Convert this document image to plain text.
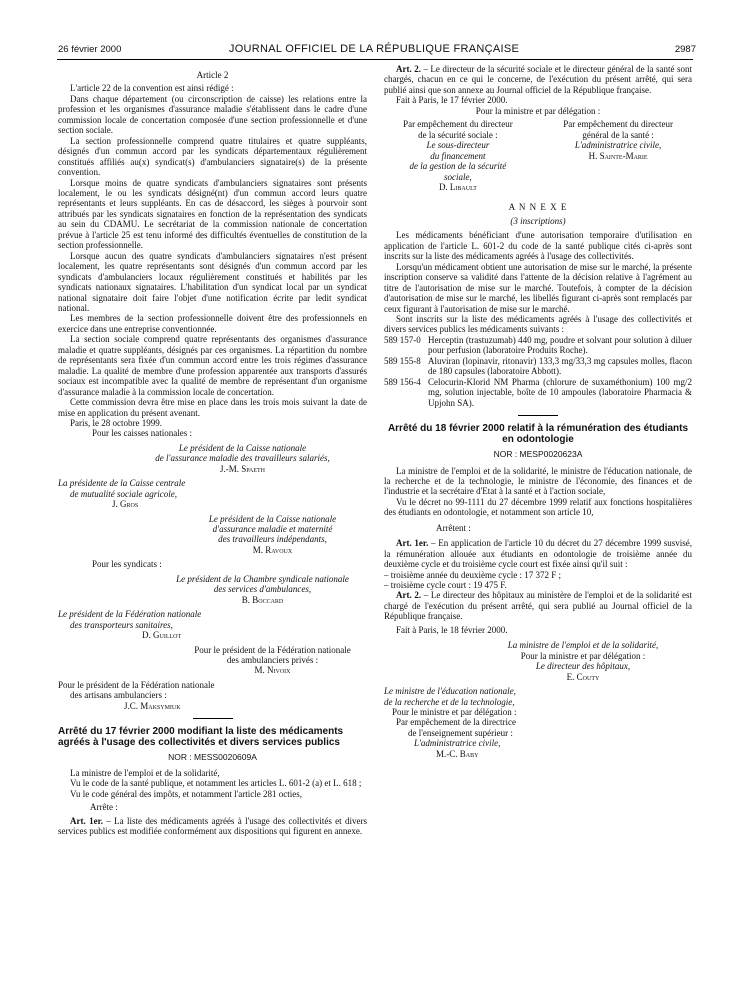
26 février 2000	JOURNAL OFFICIEL DE LA RÉPUBLIQUE FRANÇAISE	2987

Article 2

L'article 22 de la convention est ainsi rédigé :

Dans chaque département (ou circonscription de caisse) les relations entre la profession et les organismes d'assurance maladie s'établissent dans le cadre d'une commission locale de concertation composée d'une section professionnelle et d'une section sociale.

La section professionnelle comprend quatre titulaires et quatre suppléants, désignés d'un commun accord par les syndicats départementaux régulièrement constitués affiliés au(x) syndicat(s) d'ambulanciers signataire(s) de la présente convention.

Lorsque moins de quatre syndicats d'ambulanciers signataires sont présents localement, le ou les syndicats désigné(nt) d'un commun accord leurs quatre représentants et leurs suppléants. En cas de désaccord, les sièges à pourvoir sont attribués par les syndicats signataires en fonction de la représentation des syndicats au sein du CDAMU. Le secrétariat de la commission nationale de concertation prévue à l'article 25 est tenu informé des difficultés éventuelles de constitution de la section professionnelle.

Lorsque aucun des quatre syndicats d'ambulanciers signataires n'est présent localement, les quatre représentants sont désignés d'un commun accord par les syndicats d'ambulanciers locaux régulièrement constitués et habilités par les syndicats nationaux signataires. L'habilitation d'un syndicat local par un syndicat national signataire doit faire l'objet d'une notification écrite par ledit syndicat national.

Les membres de la section professionnelle doivent être des professionnels en exercice dans une entreprise conventionnée.

La section sociale comprend quatre représentants des organismes d'assurance maladie et quatre suppléants, désignés par ces organismes. La répartition du nombre de représentants sera fixée d'un commun accord entre les trois régimes d'assurance maladie. La qualité de membre d'une profession apparentée aux transports d'assurés sociaux est incompatible avec la qualité de membre de représentant d'un organisme d'assurance maladie à la commission locale de concertation.

Cette commission devra être mise en place dans les trois mois suivant la date de mise en application du présent avenant.

Paris, le 28 octobre 1999.

Pour les caisses nationales :

Le président de la Caisse nationale
de l'assurance maladie des travailleurs salariés,
J.-M. Spaeth
La présidente de la Caisse centrale
de mutualité sociale agricole,
J. Gros
Le président de la Caisse nationale
d'assurance maladie et maternité
des travailleurs indépendants,
M. Ravoux

Pour les syndicats :

Le président de la Chambre syndicale nationale
des services d'ambulances,
B. Boccard
Le président de la Fédération nationale
des transporteurs sanitaires,
D. Guillot
Pour le président de la Fédération nationale
des ambulanciers privés :
M. Nivoix
Pour le président de la Fédération nationale
des artisans ambulanciers :
J.C. Maksymiuk

Arrêté du 17 février 2000 modifiant la liste des médicaments agréés à l'usage des collectivités et divers services publics

NOR : MESS0020609A

La ministre de l'emploi et de la solidarité,

Vu le code de la santé publique, et notamment les articles L. 601-2 (a) et L. 618 ;

Vu le code général des impôts, et notamment l'article 281 octies,

Arrête :

Art. 1er. – La liste des médicaments agréés à l'usage des collectivités et divers services publics est modifiée conformément aux dispositions qui figurent en annexe.

Art. 2. – Le directeur de la sécurité sociale et le directeur général de la santé sont chargés, chacun en ce qui le concerne, de l'exécution du présent arrêté, qui sera publié ainsi que son annexe au Journal officiel de la République française.

Fait à Paris, le 17 février 2000.

Pour la ministre et par délégation :

Par empêchement du directeur
de la sécurité sociale :
Le sous-directeur
du financement
de la gestion de la sécurité
sociale,
D. Libault
Par empêchement du directeur
général de la santé :
L'administratrice civile,
H. Sainte-Marie

A N N E X E

(3 inscriptions)

Les médicaments bénéficiant d'une autorisation temporaire d'utilisation en application de l'article L. 601-2 du code de la santé publique cités ci-après sont inscrits sur la liste des médicaments agréés à l'usage des collectivités.

Lorsqu'un médicament obtient une autorisation de mise sur le marché, la présente inscription conserve sa validité dans l'attente de la décision relative à l'agrément au titre de l'autorisation de mise sur le marché. Toutefois, à compter de la décision d'autorisation de mise sur le marché, les libellés figurant ci-après sont remplacés par ceux figurant à l'autorisation de mise sur le marché.

Sont inscrits sur la liste des médicaments agréés à l'usage des collectivités et divers services publics les médicaments suivants :

589 157-0 Herceptin (trastuzumab) 440 mg, poudre et solvant pour solution à diluer pour perfusion (laboratoire Produits Roche).
589 155-8 Aluviran (lopinavir, ritonavir) 133,3 mg/33,3 mg capsules molles, flacon de 180 capsules (laboratoire Abbott).
589 156-4 Celocurin-Klorid NM Pharma (chlorure de suxaméthonium) 100 mg/2 mg, solution injectable, boîte de 10 ampoules (laboratoire Pharmacia & Upjohn SA).

Arrêté du 18 février 2000 relatif à la rémunération des étudiants en odontologie

NOR : MESP0020623A

La ministre de l'emploi et de la solidarité, le ministre de l'éducation nationale, de la recherche et de la technologie, le ministre de l'économie, des finances et de l'industrie et la secrétaire d'Etat à la santé et à l'action sociale,

Vu le décret no 99-1111 du 27 décembre 1999 relatif aux fonctions hospitalières des étudiants en odontologie, et notamment son article 10,

Arrêtent :

Art. 1er. – En application de l'article 10 du décret du 27 décembre 1999 susvisé, la rémunération allouée aux étudiants en odontologie de troisième année du deuxième cycle et du troisième cycle court est fixée ainsi qu'il suit :

– troisième année du deuxième cycle : 17 372 F ;

– troisième cycle court : 19 475 F.

Art. 2. – Le directeur des hôpitaux au ministère de l'emploi et de la solidarité est chargé de l'exécution du présent arrêté, qui sera publié au Journal officiel de la République française.

Fait à Paris, le 18 février 2000.

La ministre de l'emploi et de la solidarité,
Pour la ministre et par délégation :
Le directeur des hôpitaux,
E. Couty
Le ministre de l'éducation nationale,
de la recherche et de la technologie,
Pour le ministre et par délégation :
Par empêchement de la directrice
de l'enseignement supérieur :
L'administratrice civile,
M.-C. Baby
